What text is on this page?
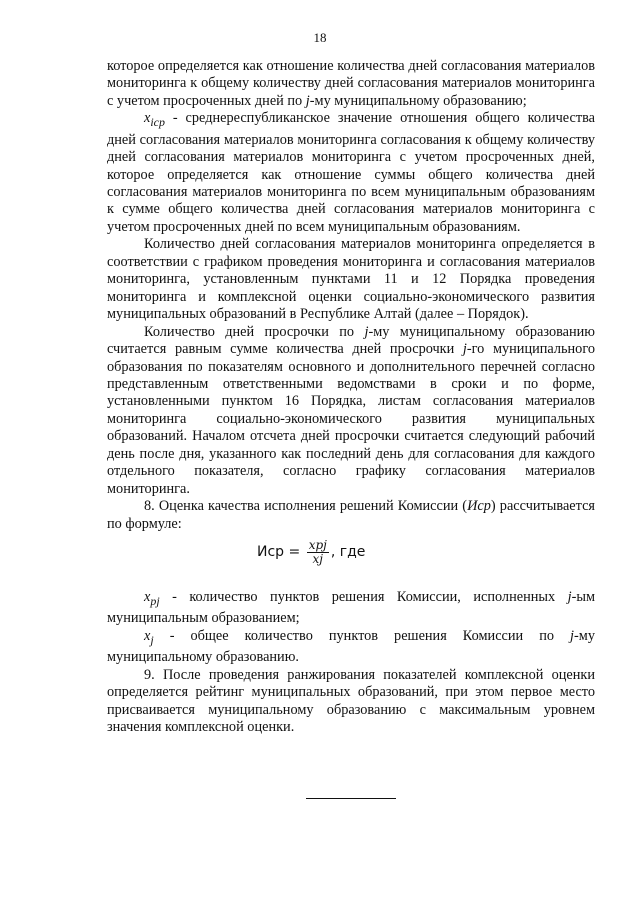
18

которое определяется как отношение количества дней согласования материалов мониторинга к общему количеству дней согласования материалов мониторинга с учетом просроченных дней по j-му муниципальному образованию;

$x_{icp}$ - среднереспубликанское значение отношения общего количества дней согласования материалов мониторинга согласования к общему количеству дней согласования материалов мониторинга с учетом просроченных дней, которое определяется как отношение суммы общего количества дней согласования материалов мониторинга по всем муниципальным образованиям к сумме общего количества дней согласования материалов мониторинга с учетом просроченных дней по всем муниципальным образованиям.

Количество дней согласования материалов мониторинга определяется в соответствии с графиком проведения мониторинга и согласования материалов мониторинга, установленным пунктами 11 и 12 Порядка проведения мониторинга и комплексной оценки социально-экономического развития муниципальных образований в Республике Алтай (далее – Порядок).

Количество дней просрочки по j-му муниципальному образованию считается равным сумме количества дней просрочки j-го муниципального образования по показателям основного и дополнительного перечней согласно представленным ответственными ведомствами в сроки и по форме, установленными пунктом 16 Порядка, листам согласования материалов мониторинга социально-экономического развития муниципальных образований. Началом отсчета дней просрочки считается следующий рабочий день после дня, указанного как последний день для согласования для каждого отдельного показателя, согласно графику согласования материалов мониторинга.

8. Оценка качества исполнения решений Комиссии (Иср) рассчитывается по формуле:

Иср = $\frac{\text{xpj}}{xj}$ , где

$x_{pj}$ - количество пунктов решения Комиссии, исполненных j-ым муниципальным образованием;

$x_j$ - общее количество пунктов решения Комиссии по j-му муниципальному образованию.

9. После проведения ранжирования показателей комплексной оценки определяется рейтинг муниципальных образований, при этом первое место присваивается муниципальному образованию с максимальным уровнем значения комплексной оценки.
